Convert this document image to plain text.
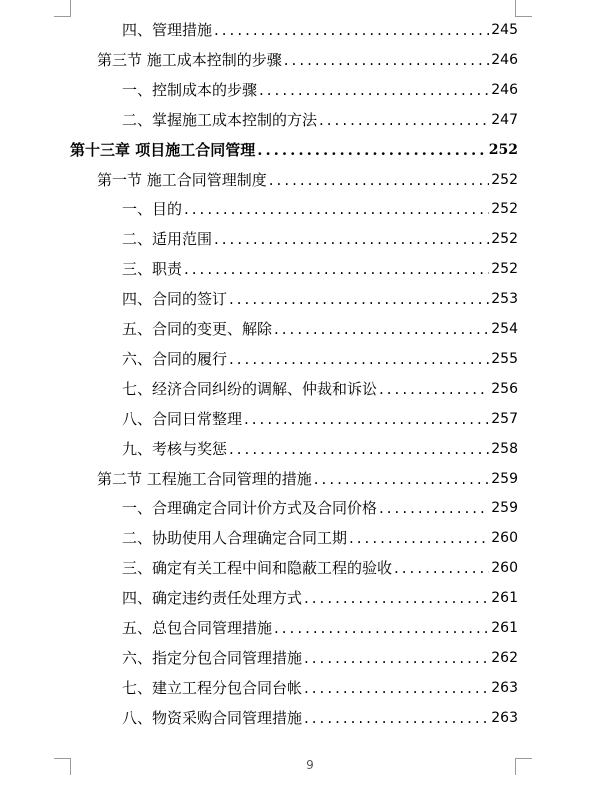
四、管理措施 .....	245
第三节 施工成本控制的步骤 .....	246
一、控制成本的步骤 .....	246
二、掌握施工成本控制的方法 .....	247
第十三章 项目施工合同管理 .....	252
第一节 施工合同管理制度 .....	252
一、目的 .....	252
二、适用范围 .....	252
三、职责 .....	252
四、合同的签订 .....	253
五、合同的变更、解除 .....	254
六、合同的履行 .....	255
七、经济合同纠纷的调解、仲裁和诉讼 .....	256
八、合同日常整理 .....	257
九、考核与奖惩 .....	258
第二节 工程施工合同管理的措施 .....	259
一、合理确定合同计价方式及合同价格 .....	259
二、协助使用人合理确定合同工期 .....	260
三、确定有关工程中间和隐蔽工程的验收 .....	260
四、确定违约责任处理方式 .....	261
五、总包合同管理措施 .....	261
六、指定分包合同管理措施 .....	262
七、建立工程分包合同台帐 .....	263
八、物资采购合同管理措施 .....	263
9
